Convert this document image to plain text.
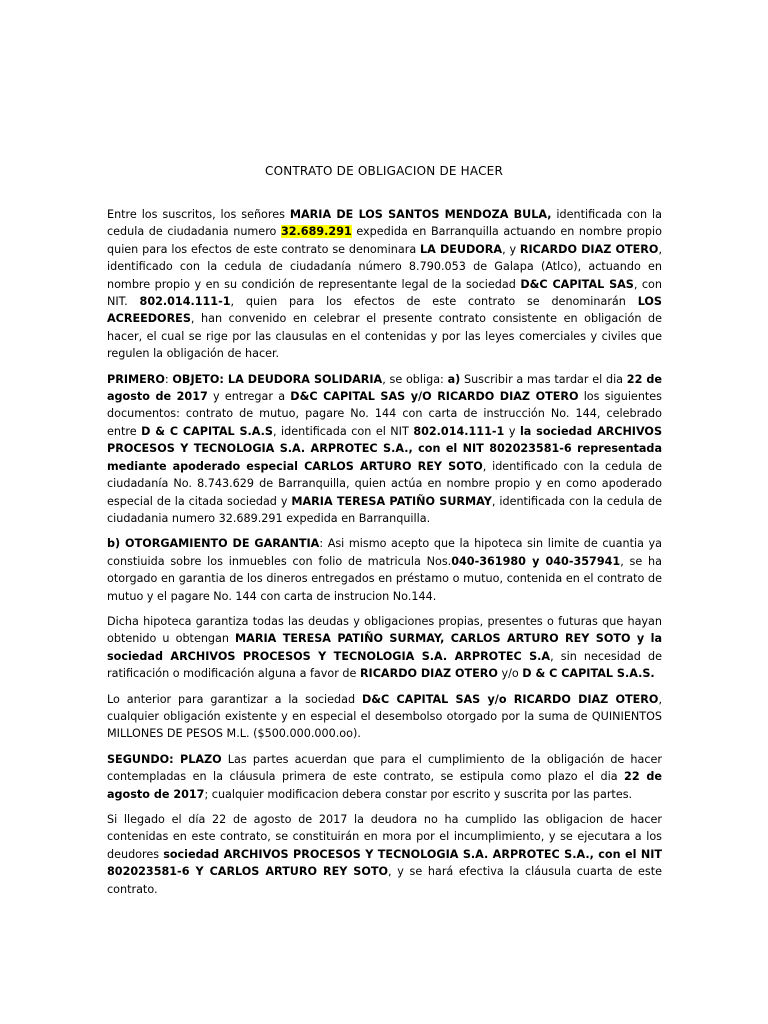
CONTRATO DE OBLIGACION DE HACER

Entre los suscritos, los señores MARIA DE LOS SANTOS MENDOZA BULA, identificada con la cedula de ciudadania numero 32.689.291 expedida en Barranquilla actuando en nombre propio quien para los efectos de este contrato se denominara LA DEUDORA, y RICARDO DIAZ OTERO, identificado con la cedula de ciudadanía número 8.790.053 de Galapa (Atlco), actuando en nombre propio y en su condición de representante legal de la sociedad D&C CAPITAL SAS, con NIT. 802.014.111-1, quien para los efectos de este contrato se denominarán LOS ACREEDORES, han convenido en celebrar el presente contrato consistente en obligación de hacer, el cual se rige por las clausulas en el contenidas y por las leyes comerciales y civiles que regulen la obligación de hacer.

PRIMERO: OBJETO: LA DEUDORA SOLIDARIA, se obliga: a) Suscribir a mas tardar el dia 22 de agosto de 2017 y entregar a D&C CAPITAL SAS y/O RICARDO DIAZ OTERO los siguientes documentos: contrato de mutuo, pagare No. 144 con carta de instrucción No. 144, celebrado entre D & C CAPITAL S.A.S, identificada con el NIT 802.014.111-1 y la sociedad ARCHIVOS PROCESOS Y TECNOLOGIA S.A. ARPROTEC S.A., con el NIT 802023581-6 representada mediante apoderado especial CARLOS ARTURO REY SOTO, identificado con la cedula de ciudadanía No. 8.743.629 de Barranquilla, quien actúa en nombre propio y en como apoderado especial de la citada sociedad y MARIA TERESA PATIÑO SURMAY, identificada con la cedula de ciudadania numero 32.689.291 expedida en Barranquilla.

b) OTORGAMIENTO DE GARANTIA: Asi mismo acepto que la hipoteca sin limite de cuantia ya constiuida sobre los inmuebles con folio de matricula Nos.040-361980 y 040-357941, se ha otorgado en garantia de los dineros entregados en préstamo o mutuo, contenida en el contrato de mutuo y el pagare No. 144 con carta de instrucion No.144.

Dicha hipoteca garantiza todas las deudas y obligaciones propias, presentes o futuras que hayan obtenido u obtengan MARIA TERESA PATIÑO SURMAY, CARLOS ARTURO REY SOTO y la sociedad ARCHIVOS PROCESOS Y TECNOLOGIA S.A. ARPROTEC S.A, sin necesidad de ratificación o modificación alguna a favor de RICARDO DIAZ OTERO y/o D & C CAPITAL S.A.S.

Lo anterior para garantizar a la sociedad D&C CAPITAL SAS y/o RICARDO DIAZ OTERO, cualquier obligación existente y en especial el desembolso otorgado por la suma de QUINIENTOS MILLONES DE PESOS M.L. ($500.000.000.oo).

SEGUNDO: PLAZO Las partes acuerdan que para el cumplimiento de la obligación de hacer contempladas en la cláusula primera de este contrato, se estipula como plazo el dia 22 de agosto de 2017; cualquier modificacion debera constar por escrito y suscrita por las partes.

Si llegado el día 22 de agosto de 2017 la deudora no ha cumplido las obligacion de hacer contenidas en este contrato, se constituirán en mora por el incumplimiento, y se ejecutara a los deudores sociedad ARCHIVOS PROCESOS Y TECNOLOGIA S.A. ARPROTEC S.A., con el NIT 802023581-6 Y CARLOS ARTURO REY SOTO, y se hará efectiva la cláusula cuarta de este contrato.
